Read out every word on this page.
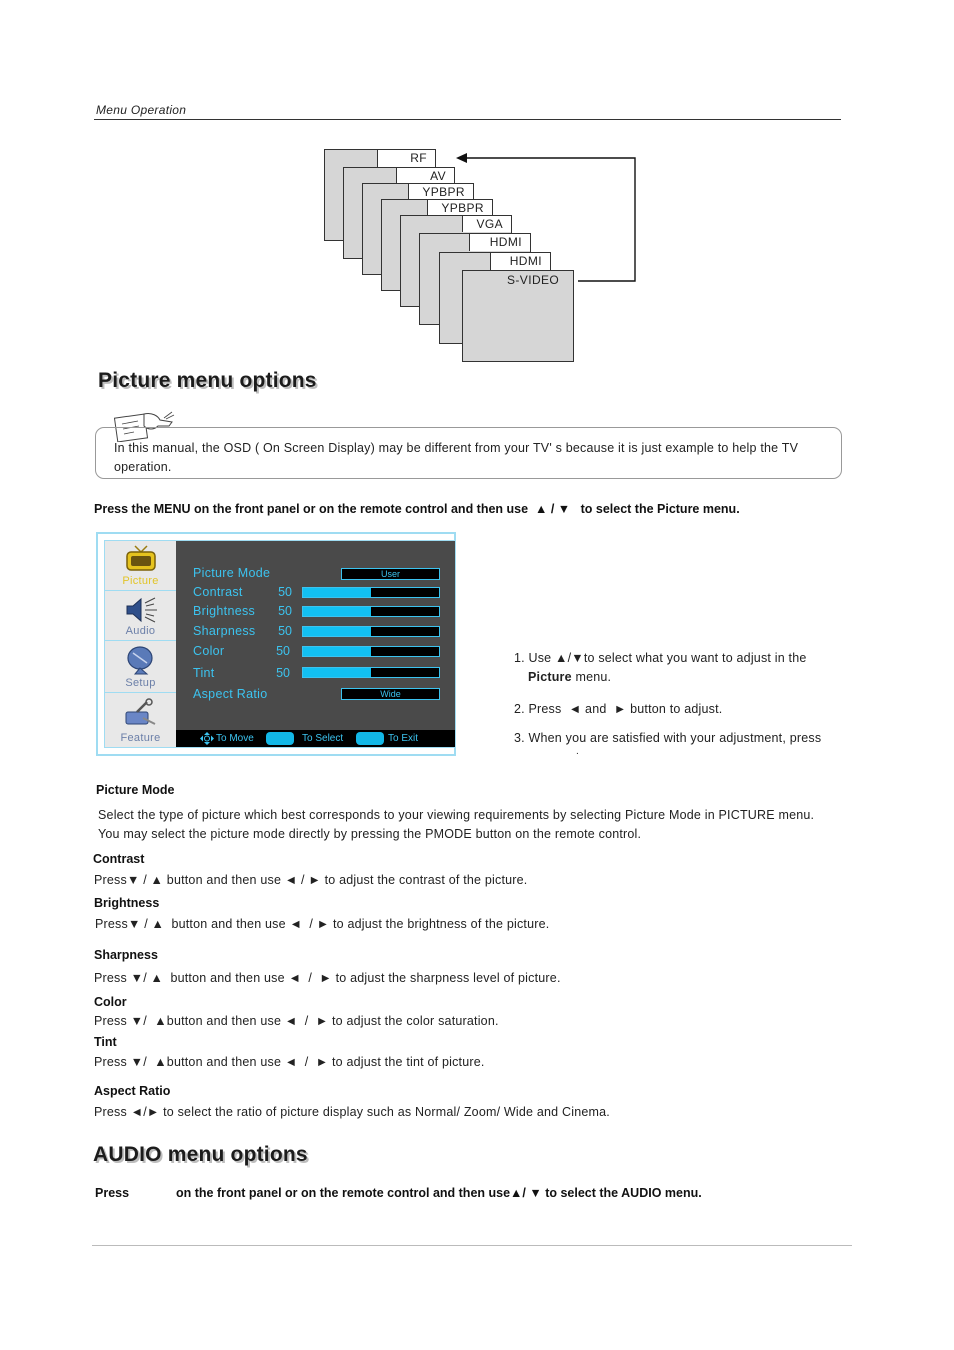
Menu Operation
RF
AV
YPBPR
YPBPR
VGA
HDMI
HDMI
S-VIDEO
Picture menu options
In this manual, the OSD ( On Screen Display) may be different from your TV' s because it is just example to help the TV operation.
Press the MENU on the front panel or on the remote control and then use  ▲ / ▼   to select the Picture menu.
Picture
Audio
Setup
Feature
Picture Mode	User
Contrast	50
Brightness	50
Sharpness	50
Color	50
Tint	50
Aspect Ratio	Wide
To Move	To Select	To Exit
1. Use ▲/▼to select what you want to adjust in the
Picture menu.
2. Press  ◄ and  ► button to adjust.
3. When you are satisfied with your adjustment, press
.
Picture Mode
Select the type of picture which best corresponds to your viewing requirements by selecting Picture Mode in PICTURE menu. You may select the picture mode directly by pressing the PMODE button on the remote control.
Contrast
Press▼ / ▲ button and then use ◄ / ► to adjust the contrast of the picture.
Brightness
Press▼ / ▲  button and then use ◄  / ► to adjust the brightness of the picture.
Sharpness
Press ▼/ ▲  button and then use ◄  /  ► to adjust the sharpness level of picture.
Color
Press ▼/  ▲button and then use ◄  /  ► to adjust the color saturation.
Tint
Press ▼/  ▲button and then use ◄  /  ► to adjust the tint of picture.
Aspect Ratio
Press ◄/► to select the ratio of picture display such as Normal/ Zoom/ Wide and Cinema.
AUDIO menu options
Press	on the front panel or on the remote control and then use▲/ ▼ to select the AUDIO menu.
